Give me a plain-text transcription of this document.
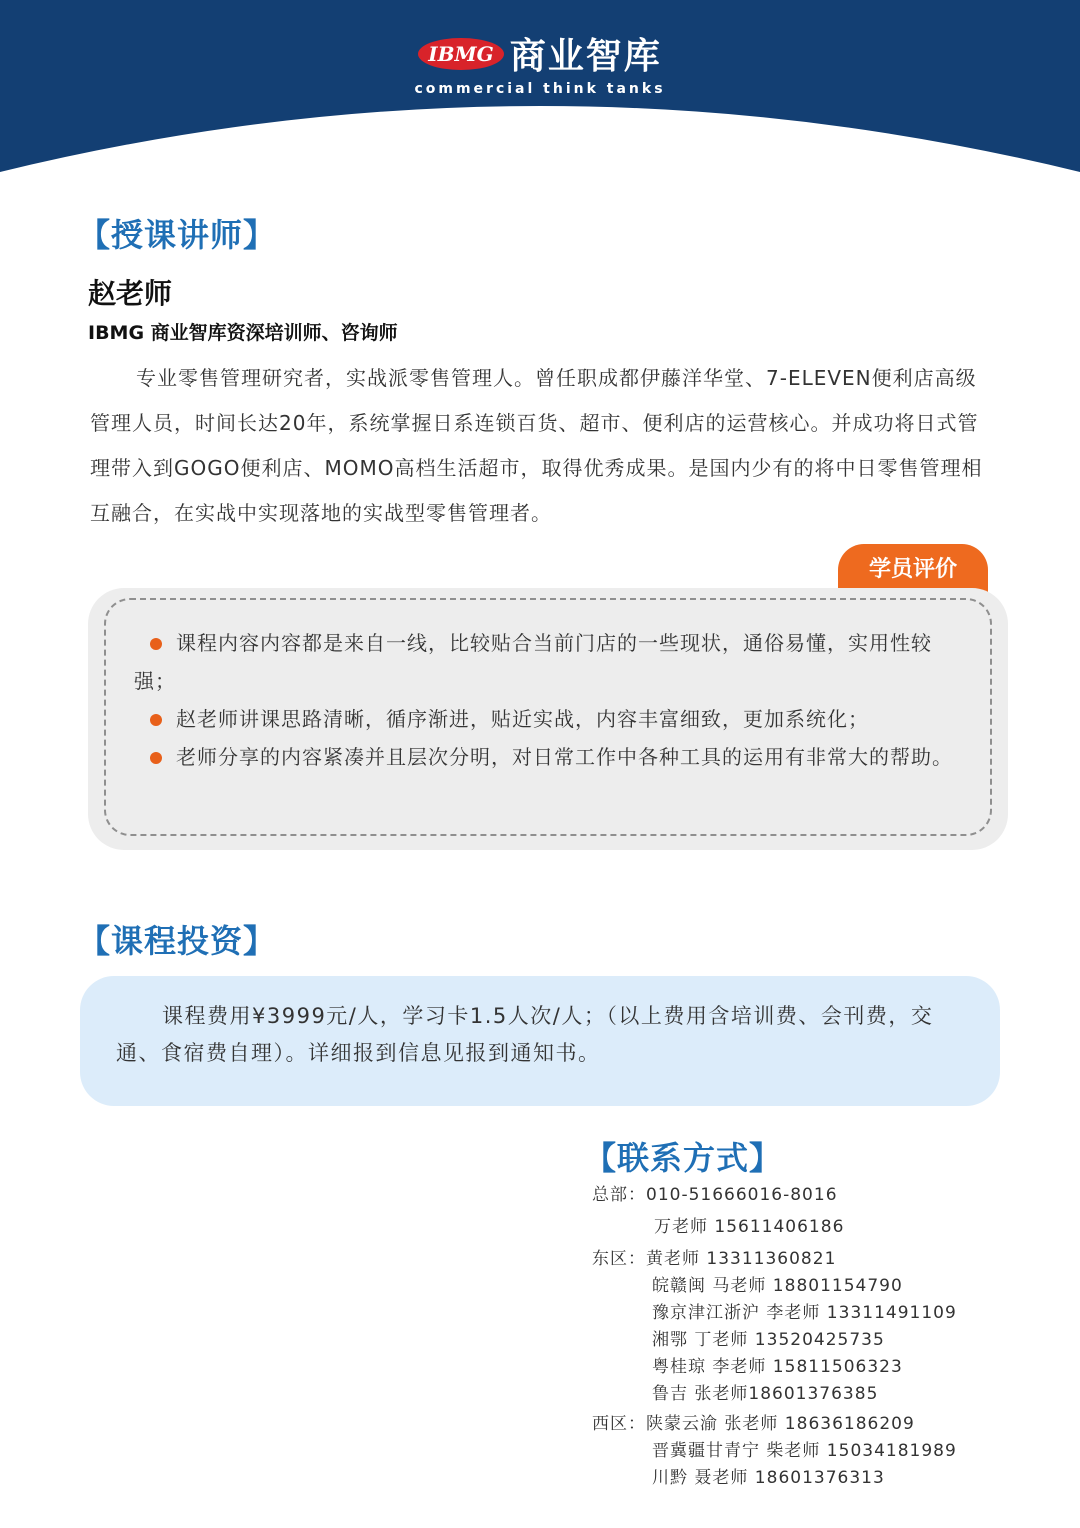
IBMG 商业智库
commercial think tanks
【授课讲师】
赵老师
IBMG 商业智库资深培训师、咨询师

专业零售管理研究者，实战派零售管理人。曾任职成都伊藤洋华堂、7-ELEVEN便利店高级管理人员，时间长达20年，系统掌握日系连锁百货、超市、便利店的运营核心。并成功将日式管理带入到GOGO便利店、MOMO高档生活超市，取得优秀成果。是国内少有的将中日零售管理相互融合，在实战中实现落地的实战型零售管理者。

学员评价
课程内容内容都是来自一线，比较贴合当前门店的一些现状，通俗易懂，实用性较强；
赵老师讲课思路清晰，循序渐进，贴近实战，内容丰富细致，更加系统化；
老师分享的内容紧凑并且层次分明，对日常工作中各种工具的运用有非常大的帮助。
【课程投资】

课程费用¥3999元/人，学习卡1.5人次/人；（以上费用含培训费、会刊费，交通、食宿费自理）。详细报到信息见报到通知书。

【联系方式】
总部：010-51666016-8016
万老师 15611406186
东区：黄老师 13311360821
皖赣闽 马老师 18801154790
豫京津江浙沪 李老师 13311491109
湘鄂 丁老师 13520425735
粤桂琼 李老师 15811506323
鲁吉 张老师18601376385
西区：陕蒙云渝 张老师 18636186209
晋冀疆甘青宁 柴老师 15034181989
川黔 聂老师 18601376313
